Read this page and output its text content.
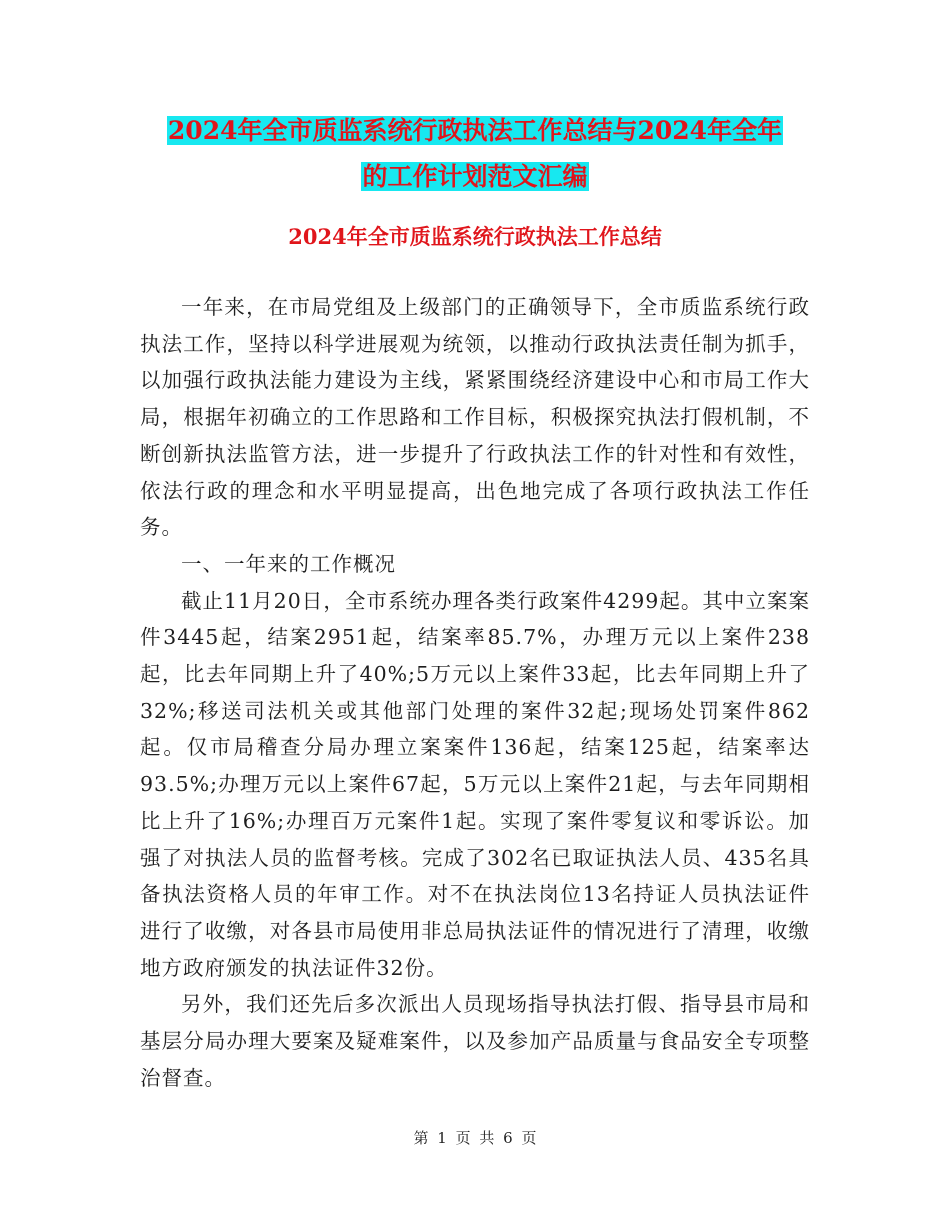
2024年全市质监系统行政执法工作总结与2024年全年
的工作计划范文汇编
2024年全市质监系统行政执法工作总结

一年来，在市局党组及上级部门的正确领导下，全市质监系统行政执法工作，坚持以科学进展观为统领，以推动行政执法责任制为抓手，以加强行政执法能力建设为主线，紧紧围绕经济建设中心和市局工作大局，根据年初确立的工作思路和工作目标，积极探究执法打假机制，不断创新执法监管方法，进一步提升了行政执法工作的针对性和有效性，依法行政的理念和水平明显提高，出色地完成了各项行政执法工作任务。

一、一年来的工作概况

截止11月20日，全市系统办理各类行政案件4299起。其中立案案件3445起，结案2951起，结案率85.7%，办理万元以上案件238起，比去年同期上升了40%;5万元以上案件33起，比去年同期上升了32%;移送司法机关或其他部门处理的案件32起;现场处罚案件862起。仅市局稽查分局办理立案案件136起，结案125起，结案率达93.5%;办理万元以上案件67起，5万元以上案件21起，与去年同期相比上升了16%;办理百万元案件1起。实现了案件零复议和零诉讼。加强了对执法人员的监督考核。完成了302名已取证执法人员、435名具备执法资格人员的年审工作。对不在执法岗位13名持证人员执法证件进行了收缴，对各县市局使用非总局执法证件的情况进行了清理，收缴地方政府颁发的执法证件32份。

另外，我们还先后多次派出人员现场指导执法打假、指导县市局和基层分局办理大要案及疑难案件，以及参加产品质量与食品安全专项整治督查。

第 1 页 共 6 页
